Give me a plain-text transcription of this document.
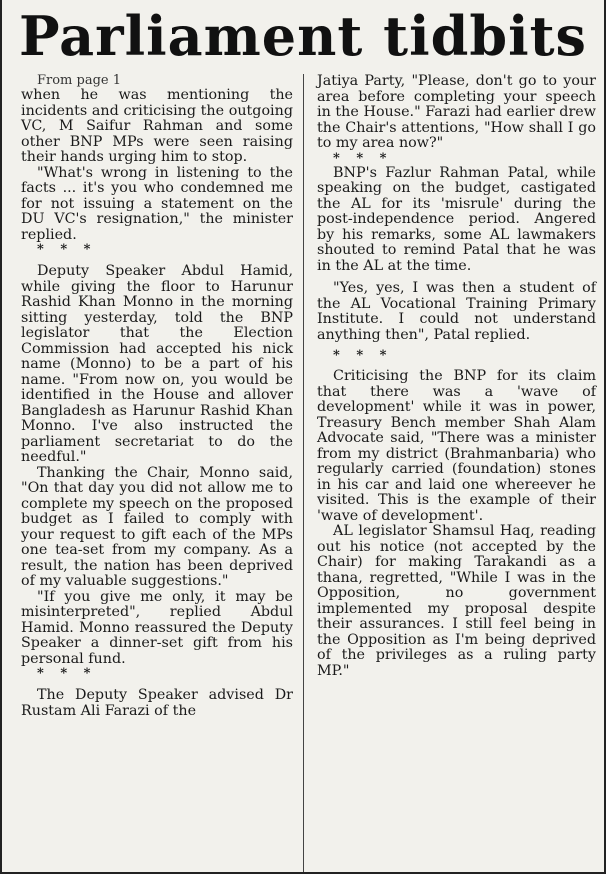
Parliament tidbits

From page 1

when he was mentioning the incidents and criticising the outgoing VC, M Saifur Rahman and some other BNP MPs were seen raising their hands urging him to stop.

"What's wrong in listening to the facts ... it's you who condemned me for not issuing a statement on the DU VC's resignation," the minister replied.

* * *

Deputy Speaker Abdul Hamid, while giving the floor to Harunur Rashid Khan Monno in the morning sitting yesterday, told the BNP legislator that the Election Commission had accepted his nick name (Monno) to be a part of his name. "From now on, you would be identified in the House and allover Bangladesh as Harunur Rashid Khan Monno. I've also instructed the parliament secretariat to do the needful."

Thanking the Chair, Monno said, "On that day you did not allow me to complete my speech on the proposed budget as I failed to comply with your request to gift each of the MPs one tea-set from my company. As a result, the nation has been deprived of my valuable suggestions."

"If you give me only, it may be misinterpreted", replied Abdul Hamid. Monno reassured the Deputy Speaker a dinner-set gift from his personal fund.

* * *

The Deputy Speaker advised Dr Rustam Ali Farazi of the

Jatiya Party, "Please, don't go to your area before completing your speech in the House." Farazi had earlier drew the Chair's attentions, "How shall I go to my area now?"

* * *

BNP's Fazlur Rahman Patal, while speaking on the budget, castigated the AL for its 'misrule' during the post-independence period. Angered by his remarks, some AL lawmakers shouted to remind Patal that he was in the AL at the time.

"Yes, yes, I was then a student of the AL Vocational Training Primary Institute. I could not understand anything then", Patal replied.

* * *

Criticising the BNP for its claim that there was a 'wave of development' while it was in power, Treasury Bench member Shah Alam Advocate said, "There was a minister from my district (Brahmanbaria) who regularly carried (foundation) stones in his car and laid one whereever he visited. This is the example of their 'wave of development'.

AL legislator Shamsul Haq, reading out his notice (not accepted by the Chair) for making Tarakandi as a thana, regretted, "While I was in the Opposition, no government implemented my proposal despite their assurances. I still feel being in the Opposition as I'm being deprived of the privileges as a ruling party MP."
